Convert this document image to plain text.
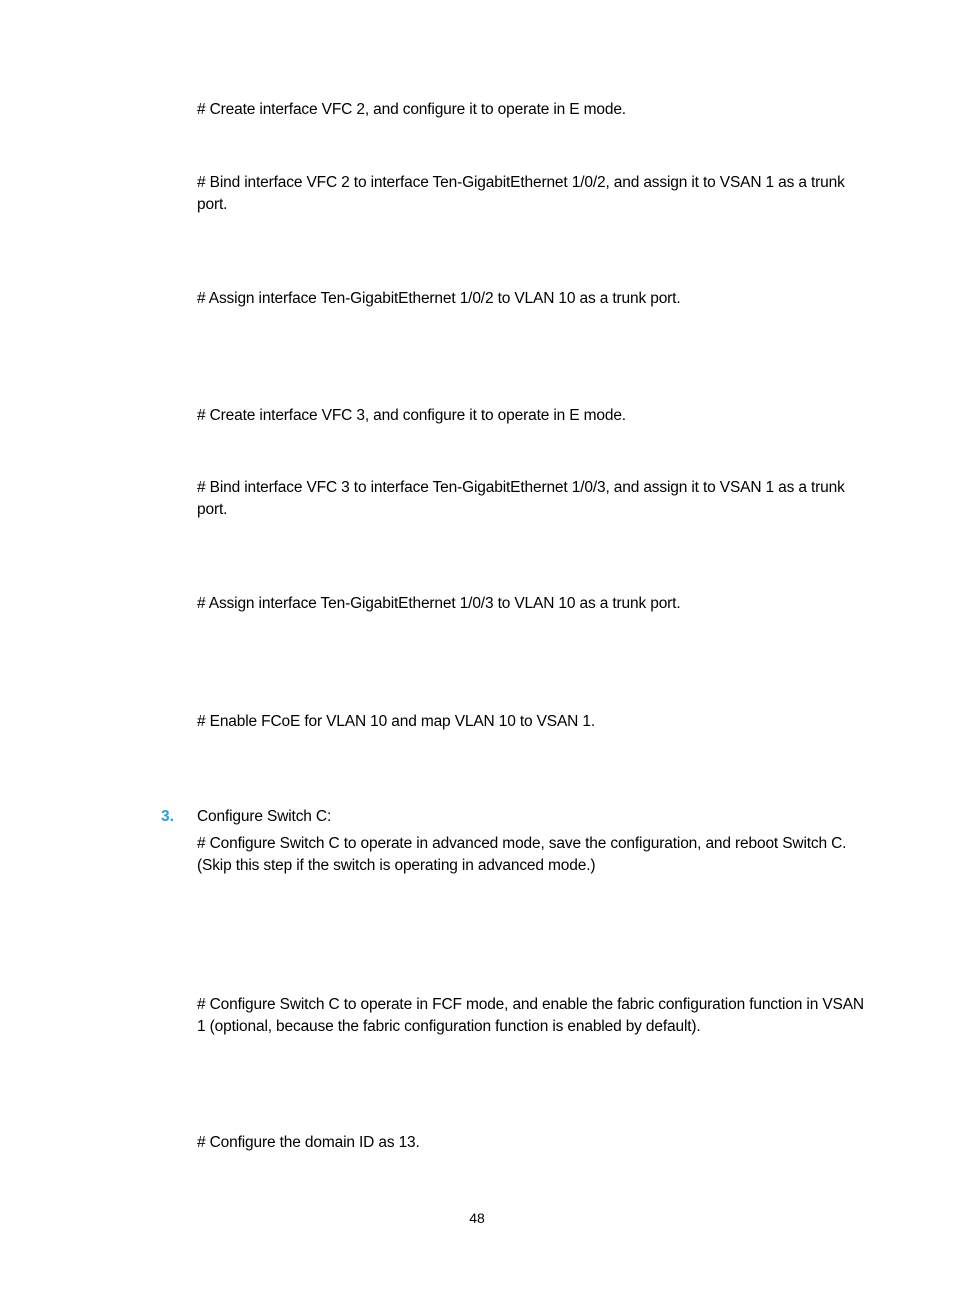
# Create interface VFC 2, and configure it to operate in E mode.

# Bind interface VFC 2 to interface Ten-GigabitEthernet 1/0/2, and assign it to VSAN 1 as a trunk port.

# Assign interface Ten-GigabitEthernet 1/0/2 to VLAN 10 as a trunk port.

# Create interface VFC 3, and configure it to operate in E mode.

# Bind interface VFC 3 to interface Ten-GigabitEthernet 1/0/3, and assign it to VSAN 1 as a trunk port.

# Assign interface Ten-GigabitEthernet 1/0/3 to VLAN 10 as a trunk port.

# Enable FCoE for VLAN 10 and map VLAN 10 to VSAN 1.

3. Configure Switch C:

# Configure Switch C to operate in advanced mode, save the configuration, and reboot Switch C. (Skip this step if the switch is operating in advanced mode.)

# Configure Switch C to operate in FCF mode, and enable the fabric configuration function in VSAN 1 (optional, because the fabric configuration function is enabled by default).

# Configure the domain ID as 13.

48
